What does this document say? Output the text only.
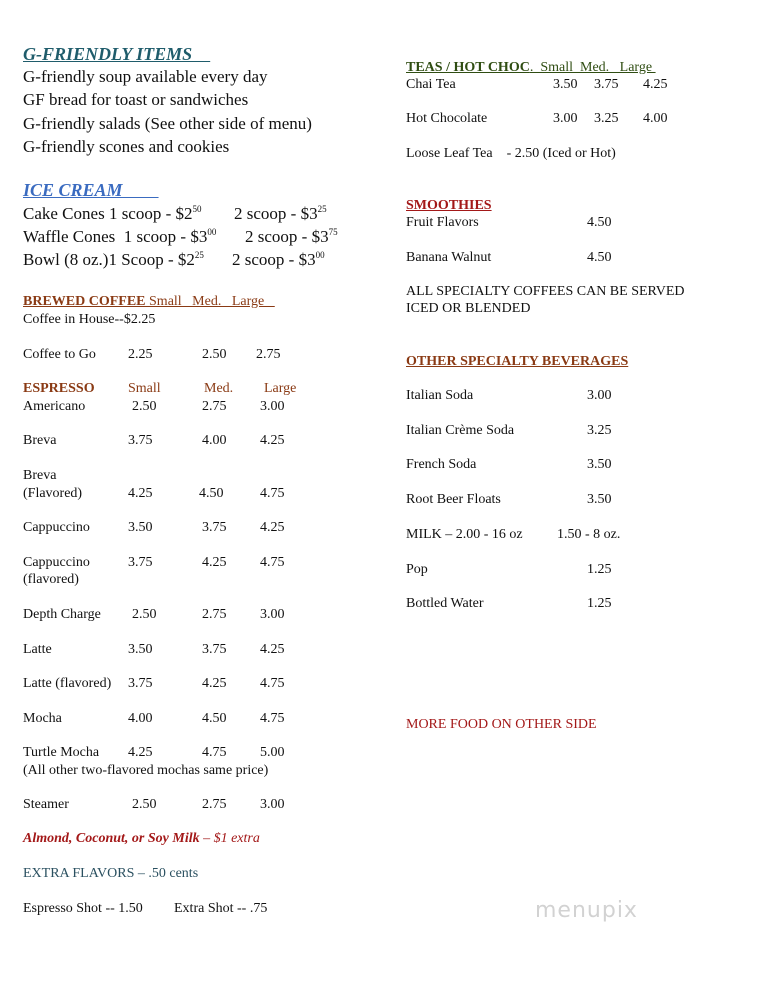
G-FRIENDLY ITEMS
G-friendly soup available every day
GF bread for toast or sandwiches
G-friendly salads (See other side of menu)
G-friendly scones and cookies
ICE CREAM
Cake Cones 1 scoop - $\$2^{50}$ 2 scoop - $\$3^{25}$
Waffle Cones 1 scoop - $\$3^{00}$ 2 scoop - $\$3^{75}$
Bowl (8 oz.)1 Scoop - $\$2^{25}$ 2 scoop - $\$3^{00}$
BREWED COFFEE Small   Med.   Large
Coffee in House--$2.25
Coffee to Go 2.25	2.50 2.75
ESPRESSO Small	Med. Large
Americano	2.50	2.75 3.00
Breva	3.75	4.00 4.25
Breva
(Flavored)	4.25	4.50	4.75
Cappuccino	3.50	3.75 4.25
Cappuccino
(flavored)
3.75	4.25 4.75
Depth Charge 2.50	2.75 3.00
Latte	3.50	3.75 4.25
Latte (flavored) 3.75	4.25 4.75
Mocha	4.00	4.50 4.75
Turtle Mocha 4.25	4.75 5.00
(All other two-flavored mochas same price)
Steamer	2.50	2.75 3.00
Almond, Coconut, or Soy Milk – $1 extra
EXTRA FLAVORS – .50 cents
Espresso Shot -- 1.50 Extra Shot -- .75
TEAS / HOT CHOC.  Small  Med.   Large
Chai Tea	3.50 3.75 4.25
Hot Chocolate	3.00 3.25 4.00
Loose Leaf Tea    - 2.50 (Iced or Hot)
SMOOTHIES
Fruit Flavors	4.50
Banana Walnut	4.50
ALL SPECIALTY COFFEES CAN BE SERVED
ICED OR BLENDED
OTHER SPECIALTY BEVERAGES
Italian Soda	3.00
Italian Crème Soda	3.25
French Soda	3.50
Root Beer Floats	3.50
MILK – 2.00 - 16 oz 1.50 - 8 oz.
Pop	1.25
Bottled Water	1.25
MORE FOOD ON OTHER SIDE
menupix
